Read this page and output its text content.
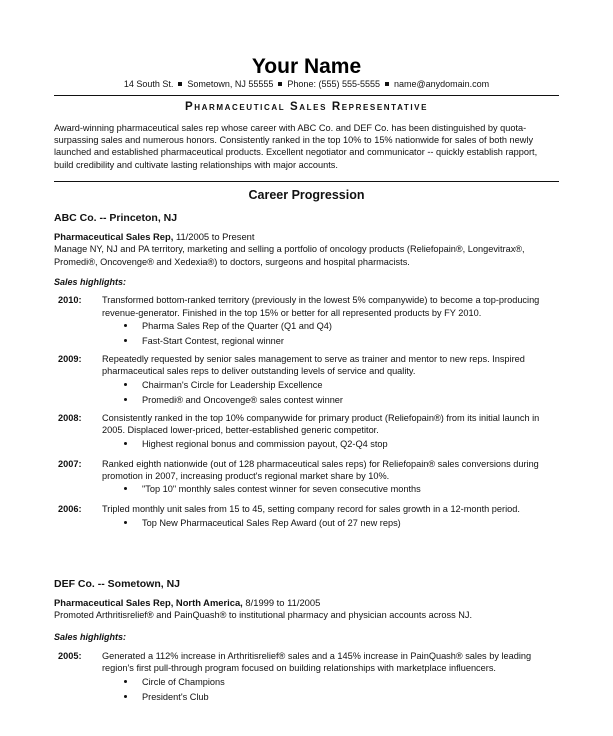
Your Name
14 South St. Sometown, NJ 55555 Phone: (555) 555-5555 name@anydomain.com
Pharmaceutical Sales Representative
Award-winning pharmaceutical sales rep whose career with ABC Co. and DEF Co. has been distinguished by quota-surpassing sales and numerous honors. Consistently ranked in the top 10% to 15% nationwide for sales of both newly launched and established pharmaceutical products. Excellent negotiator and communicator -- quickly establish rapport, build credibility and cultivate lasting relationships with major accounts.
Career Progression
ABC Co. -- Princeton, NJ
Pharmaceutical Sales Rep, 11/2005 to Present
Manage NY, NJ and PA territory, marketing and selling a portfolio of oncology products (Reliefopain®, Longevitrax®, Promedi®, Oncovenge® and Xedexia®) to doctors, surgeons and hospital pharmacists.
Sales highlights:
2010:	Transformed bottom-ranked territory (previously in the lowest 5% companywide) to become a top-producing revenue-generator. Finished in the top 15% or better for all represented products by FY 2010.
Pharma Sales Rep of the Quarter (Q1 and Q4)
Fast-Start Contest, regional winner
2009:	Repeatedly requested by senior sales management to serve as trainer and mentor to new reps. Inspired pharmaceutical sales reps to deliver outstanding levels of service and quality.
Chairman's Circle for Leadership Excellence
Promedi® and Oncovenge® sales contest winner
2008:	Consistently ranked in the top 10% companywide for primary product (Reliefopain®) from its initial launch in 2005. Displaced lower-priced, better-established generic competitor.
Highest regional bonus and commission payout, Q2-Q4 stop
2007:	Ranked eighth nationwide (out of 128 pharmaceutical sales reps) for Reliefopain® sales conversions during promotion in 2007, increasing product's regional market share by 10%.
"Top 10" monthly sales contest winner for seven consecutive months
2006:	Tripled monthly unit sales from 15 to 45, setting company record for sales growth in a 12-month period.
Top New Pharmaceutical Sales Rep Award (out of 27 new reps)
DEF Co. -- Sometown, NJ
Pharmaceutical Sales Rep, North America, 8/1999 to 11/2005
Promoted Arthritisrelief® and PainQuash® to institutional pharmacy and physician accounts across NJ.
Sales highlights:
2005:	Generated a 112% increase in Arthritisrelief® sales and a 145% increase in PainQuash® sales by leading region's first pull-through program focused on building relationships with marketplace influencers.
Circle of Champions
President's Club
